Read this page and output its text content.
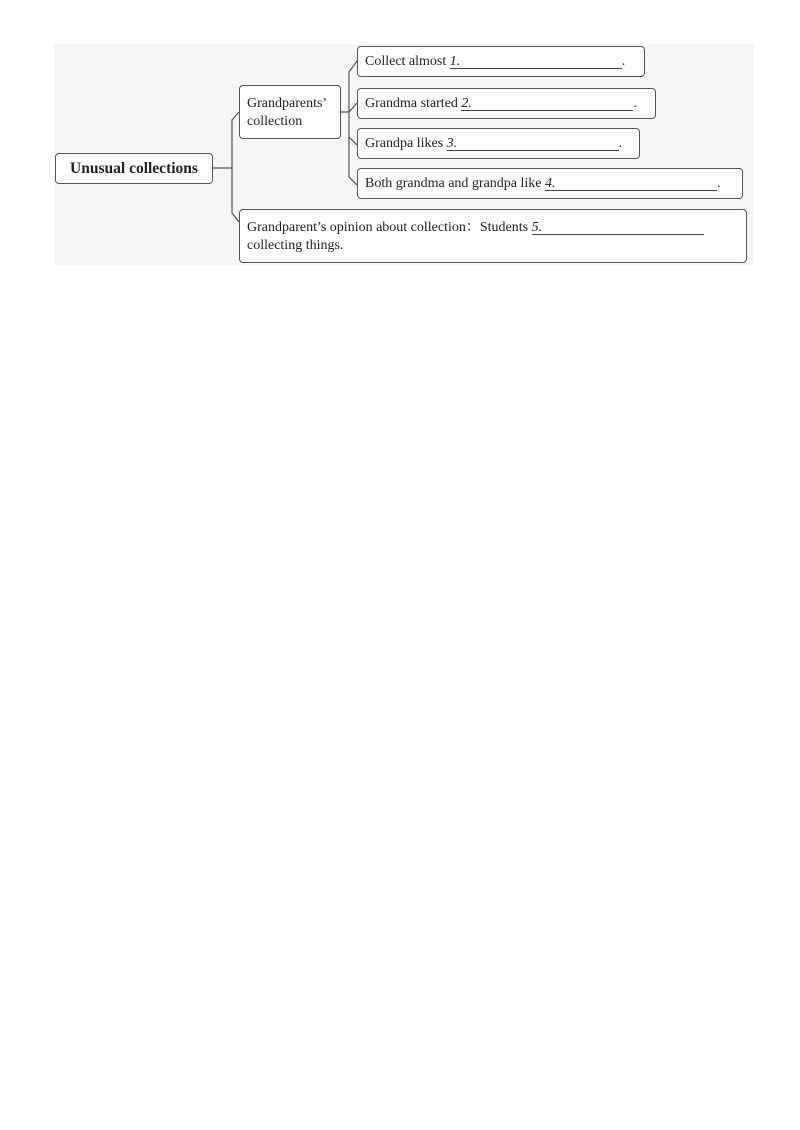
Unusual collections
Grandparents’
collection
Collect almost 1.	.
Grandma started 2.	.
Grandpa likes 3.	.
Both grandma and grandpa like 4.	.
Grandparent’s opinion about collection：Students 5.
collecting things.
